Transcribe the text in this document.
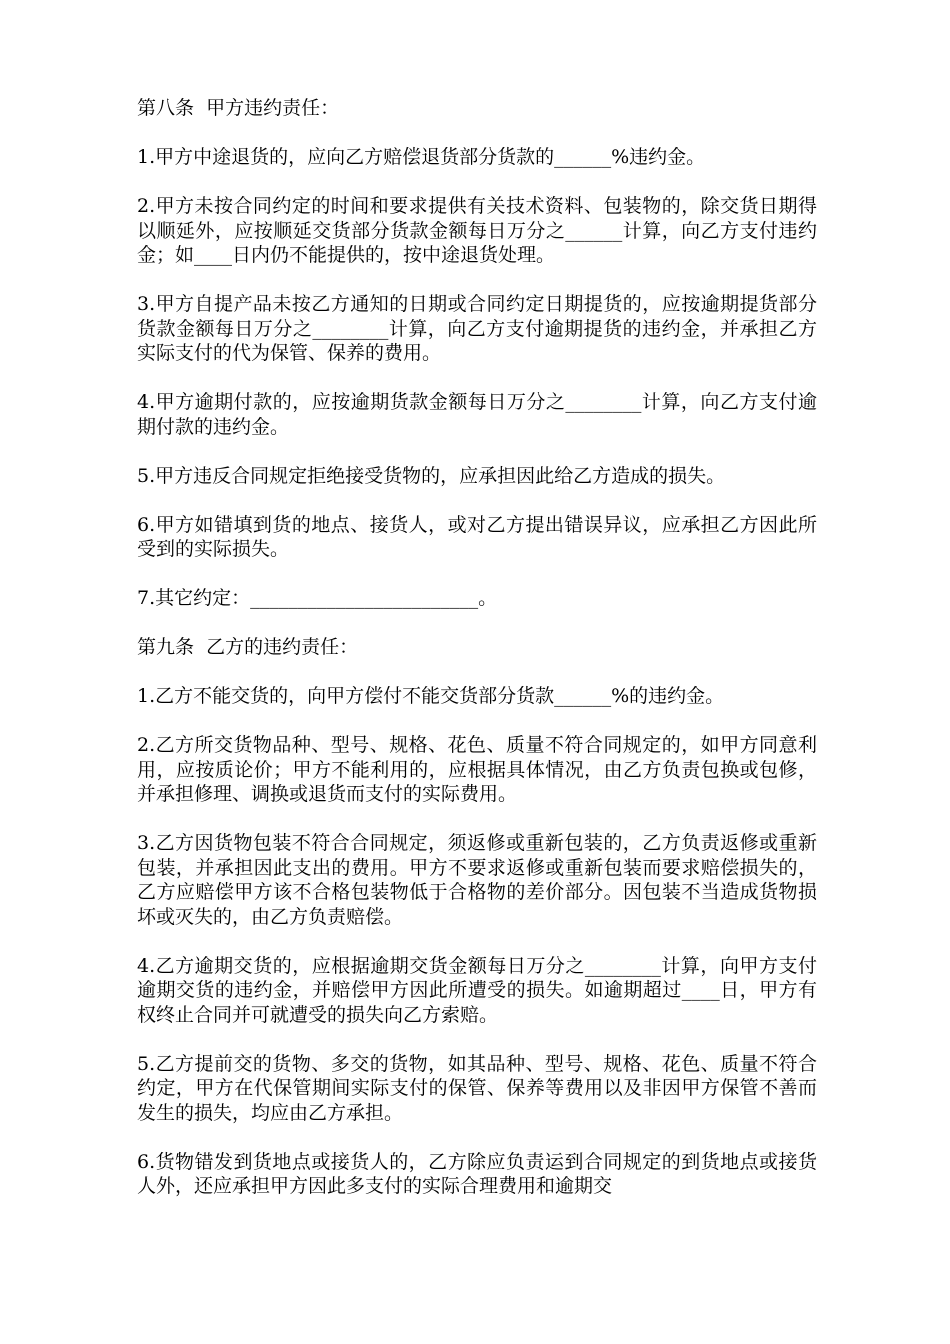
第八条  甲方违约责任：
1.甲方中途退货的，应向乙方赔偿退货部分货款的______%违约金。
2.甲方未按合同约定的时间和要求提供有关技术资料、包装物的，除交货日期得以顺延外，应按顺延交货部分货款金额每日万分之______计算，向乙方支付违约金；如____日内仍不能提供的，按中途退货处理。
3.甲方自提产品未按乙方通知的日期或合同约定日期提货的，应按逾期提货部分货款金额每日万分之________计算，向乙方支付逾期提货的违约金，并承担乙方实际支付的代为保管、保养的费用。
4.甲方逾期付款的，应按逾期货款金额每日万分之________计算，向乙方支付逾期付款的违约金。
5.甲方违反合同规定拒绝接受货物的，应承担因此给乙方造成的损失。
6.甲方如错填到货的地点、接货人，或对乙方提出错误异议，应承担乙方因此所受到的实际损失。
7.其它约定：________________________。
第九条  乙方的违约责任：
1.乙方不能交货的，向甲方偿付不能交货部分货款______%的违约金。
2.乙方所交货物品种、型号、规格、花色、质量不符合同规定的，如甲方同意利用，应按质论价；甲方不能利用的，应根据具体情况，由乙方负责包换或包修，并承担修理、调换或退货而支付的实际费用。
3.乙方因货物包装不符合合同规定，须返修或重新包装的，乙方负责返修或重新包装，并承担因此支出的费用。甲方不要求返修或重新包装而要求赔偿损失的，乙方应赔偿甲方该不合格包装物低于合格物的差价部分。因包装不当造成货物损坏或灭失的，由乙方负责赔偿。
4.乙方逾期交货的，应根据逾期交货金额每日万分之________计算，向甲方支付逾期交货的违约金，并赔偿甲方因此所遭受的损失。如逾期超过____日，甲方有权终止合同并可就遭受的损失向乙方索赔。
5.乙方提前交的货物、多交的货物，如其品种、型号、规格、花色、质量不符合约定，甲方在代保管期间实际支付的保管、保养等费用以及非因甲方保管不善而发生的损失，均应由乙方承担。
6.货物错发到货地点或接货人的，乙方除应负责运到合同规定的到货地点或接货人外，还应承担甲方因此多支付的实际合理费用和逾期交
